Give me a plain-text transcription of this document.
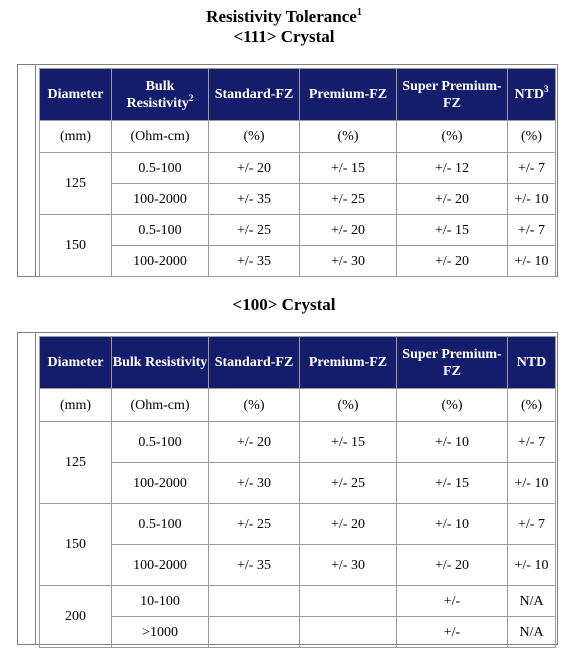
Resistivity Tolerance$^1$
<111> Crystal
Diameter	Bulk Resistivity$^2$	Standard-FZ	Premium-FZ	Super Premium-FZ	NTD$^3$
(mm)	(Ohm-cm)	(%)	(%)	(%)	(%)
125	0.5-100	+/- 20	+/- 15	+/- 12	+/- 7
	100-2000	+/- 35	+/- 25	+/- 20	+/- 10
150	0.5-100	+/- 25	+/- 20	+/- 15	+/- 7
	100-2000	+/- 35	+/- 30	+/- 20	+/- 10
<100> Crystal
Diameter	Bulk Resistivity	Standard-FZ	Premium-FZ	Super Premium-FZ	NTD
(mm)	(Ohm-cm)	(%)	(%)	(%)	(%)
125	0.5-100	+/- 20	+/- 15	+/- 10	+/- 7
	100-2000	+/- 30	+/- 25	+/- 15	+/- 10
150	0.5-100	+/- 25	+/- 20	+/- 10	+/- 7
	100-2000	+/- 35	+/- 30	+/- 20	+/- 10
200	10-100			+/-	N/A
	>1000			+/-	N/A
